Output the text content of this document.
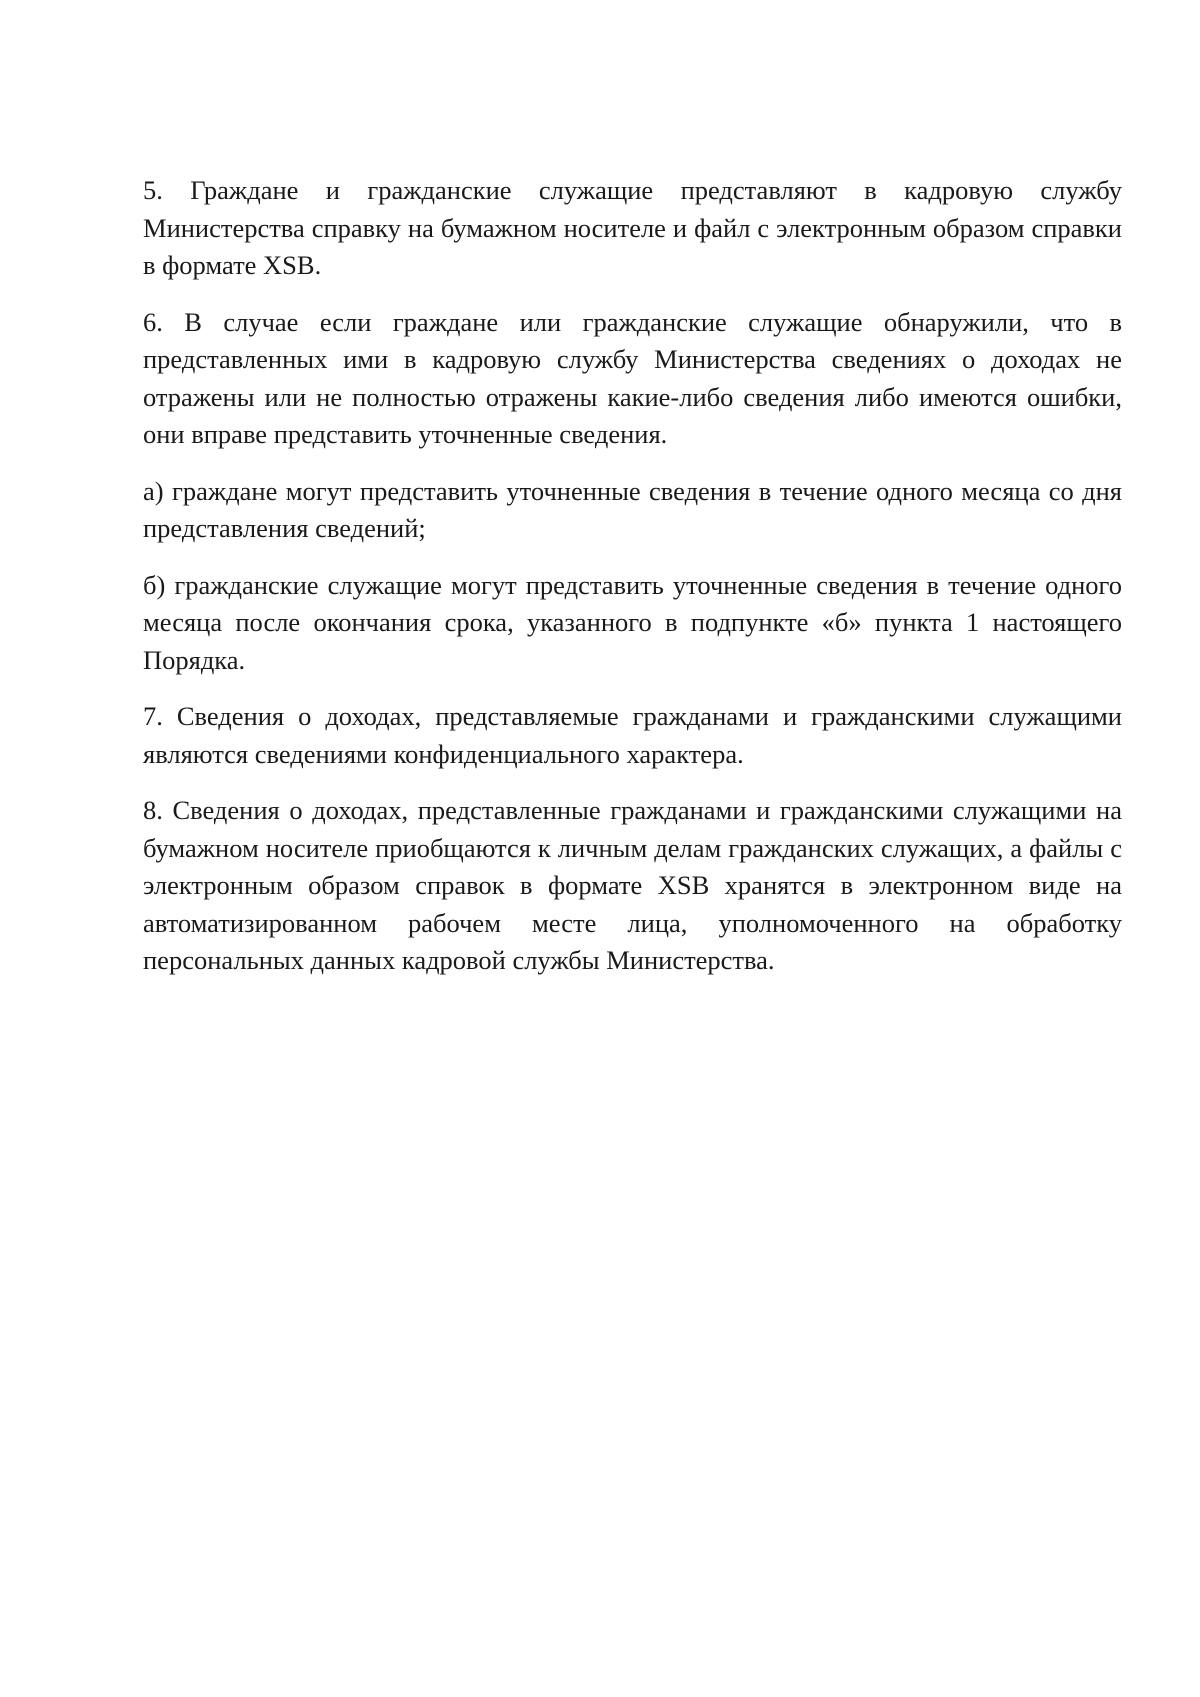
5. Граждане и гражданские служащие представляют в кадровую службу Министерства справку на бумажном носителе и файл с электронным образом справки в формате XSB.

6. В случае если граждане или гражданские служащие обнаружили, что в представленных ими в кадровую службу Министерства сведениях о доходах не отражены или не полностью отражены какие-либо сведения либо имеются ошибки, они вправе представить уточненные сведения.

а) граждане могут представить уточненные сведения в течение одного месяца со дня представления сведений;

б) гражданские служащие могут представить уточненные сведения в течение одного месяца после окончания срока, указанного в подпункте «б» пункта 1 настоящего Порядка.

7. Сведения о доходах, представляемые гражданами и гражданскими служащими являются сведениями конфиденциального характера.

8. Сведения о доходах, представленные гражданами и гражданскими служащими на бумажном носителе приобщаются к личным делам гражданских служащих, а файлы с электронным образом справок в формате XSB хранятся в электронном виде на автоматизированном рабочем месте лица, уполномоченного на обработку персональных данных кадровой службы Министерства.
